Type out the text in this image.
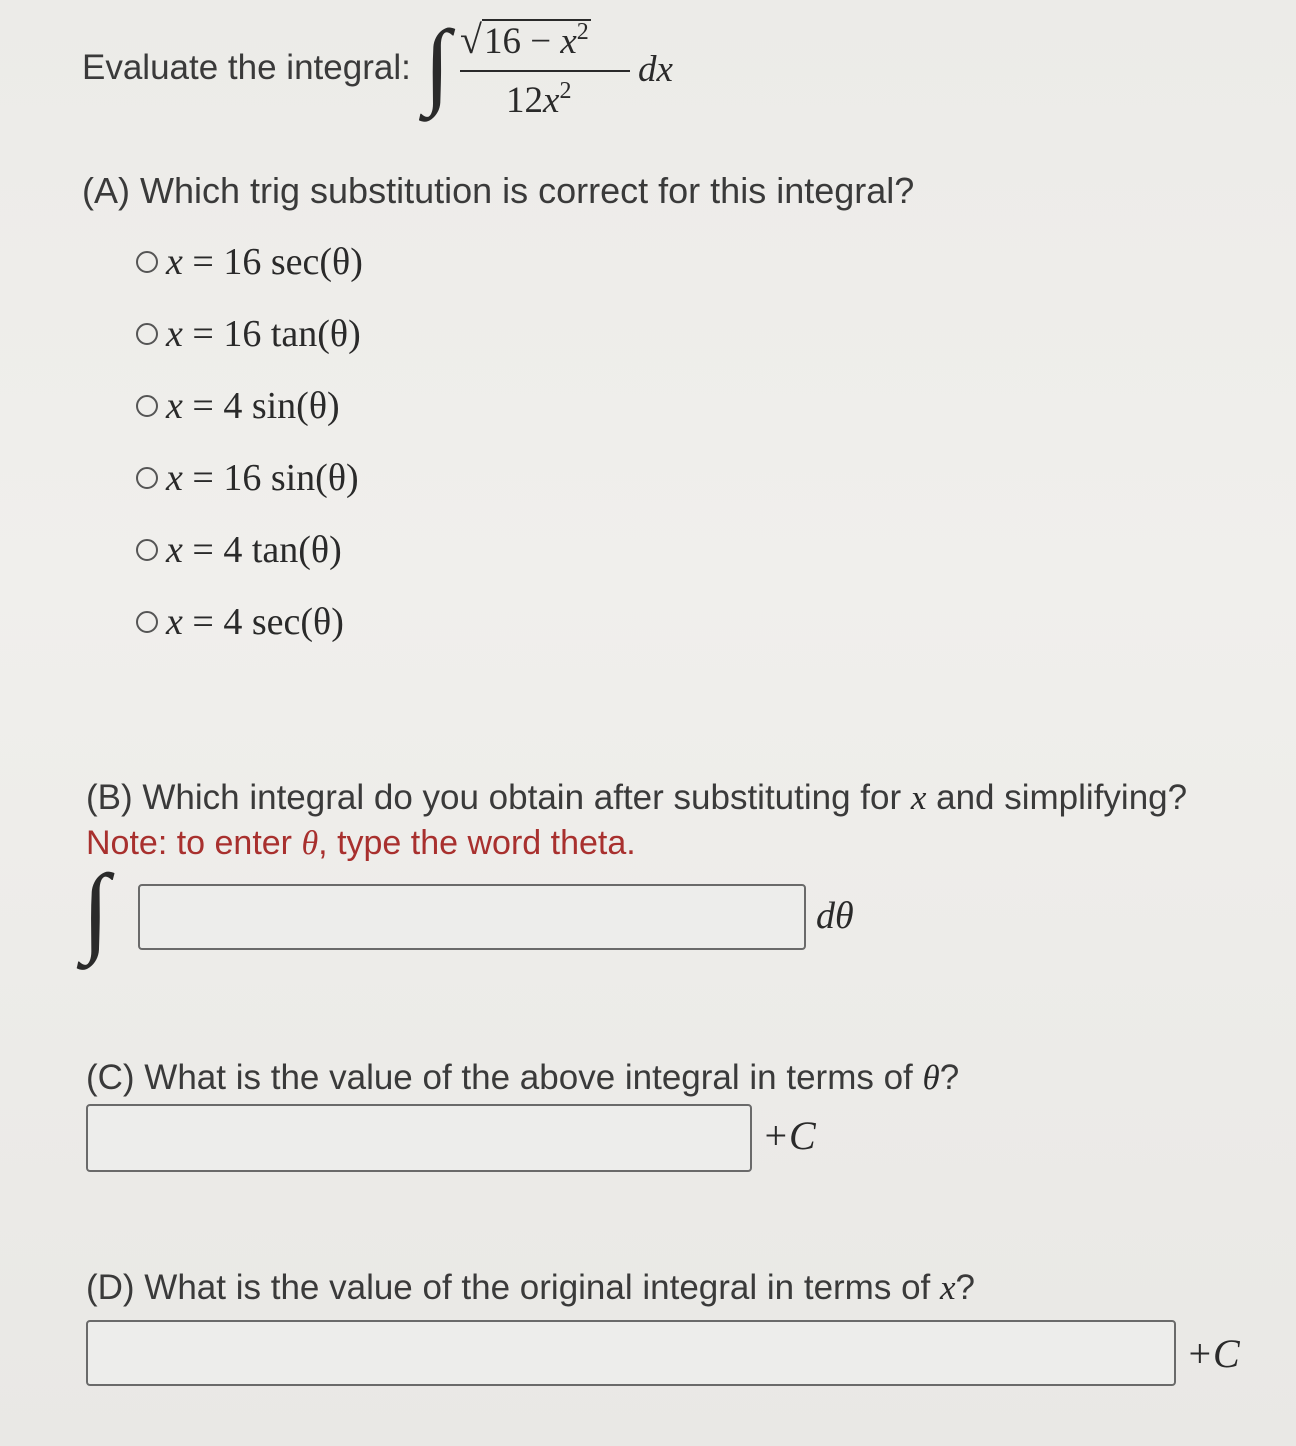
Evaluate the integral: ∫ $√16 - x^2$
$12x^2$
dx
(A) Which trig substitution is correct for this integral?
x
=
16 sec(θ)
x
=
16 tan(θ)
x
=
4 sin(θ)
x
=
16 sin(θ)
x
=
4 tan(θ)
x
=
4 sec(θ)
(B) Which integral do you obtain after substituting for x and simplifying?
Note: to enter θ, type the word theta.
∫	dθ
(C) What is the value of the above integral in terms of θ?
+C
(D) What is the value of the original integral in terms of x?
+C
